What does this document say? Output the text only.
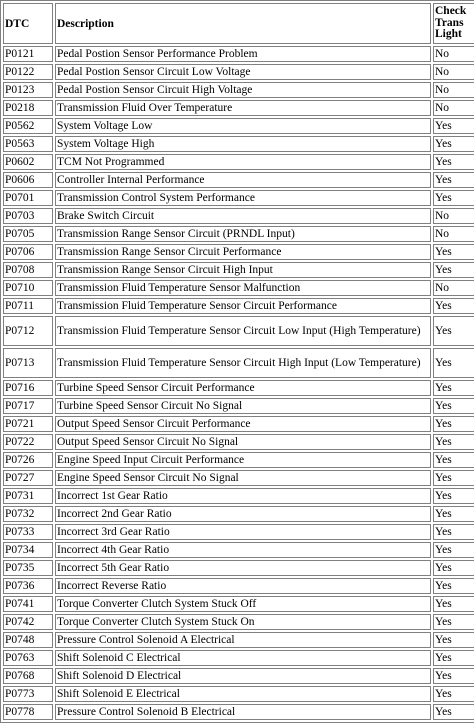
DTC	Description	Check
Trans
Light
P0121	Pedal Postion Sensor Performance Problem	No
P0122	Pedal Postion Sensor Circuit Low Voltage	No
P0123	Pedal Postion Sensor Circuit High Voltage	No
P0218	Transmission Fluid Over Temperature	No
P0562	System Voltage Low	Yes
P0563	System Voltage High	Yes
P0602	TCM Not Programmed	Yes
P0606	Controller Internal Performance	Yes
P0701	Transmission Control System Performance	Yes
P0703	Brake Switch Circuit	No
P0705	Transmission Range Sensor Circuit (PRNDL Input)	No
P0706	Transmission Range Sensor Circuit Performance	Yes
P0708	Transmission Range Sensor Circuit High Input	Yes
P0710	Transmission Fluid Temperature Sensor Malfunction	No
P0711	Transmission Fluid Temperature Sensor Circuit Performance	Yes
P0712	Transmission Fluid Temperature Sensor Circuit Low Input (High Temperature)	Yes
P0713	Transmission Fluid Temperature Sensor Circuit High Input (Low Temperature)	Yes
P0716	Turbine Speed Sensor Circuit Performance	Yes
P0717	Turbine Speed Sensor Circuit No Signal	Yes
P0721	Output Speed Sensor Circuit Performance	Yes
P0722	Output Speed Sensor Circuit No Signal	Yes
P0726	Engine Speed Input Circuit Performance	Yes
P0727	Engine Speed Sensor Circuit No Signal	Yes
P0731	Incorrect 1st Gear Ratio	Yes
P0732	Incorrect 2nd Gear Ratio	Yes
P0733	Incorrect 3rd Gear Ratio	Yes
P0734	Incorrect 4th Gear Ratio	Yes
P0735	Incorrect 5th Gear Ratio	Yes
P0736	Incorrect Reverse Ratio	Yes
P0741	Torque Converter Clutch System Stuck Off	Yes
P0742	Torque Converter Clutch System Stuck On	Yes
P0748	Pressure Control Solenoid A Electrical	Yes
P0763	Shift Solenoid C Electrical	Yes
P0768	Shift Solenoid D Electrical	Yes
P0773	Shift Solenoid E Electrical	Yes
P0778	Pressure Control Solenoid B Electrical	Yes
